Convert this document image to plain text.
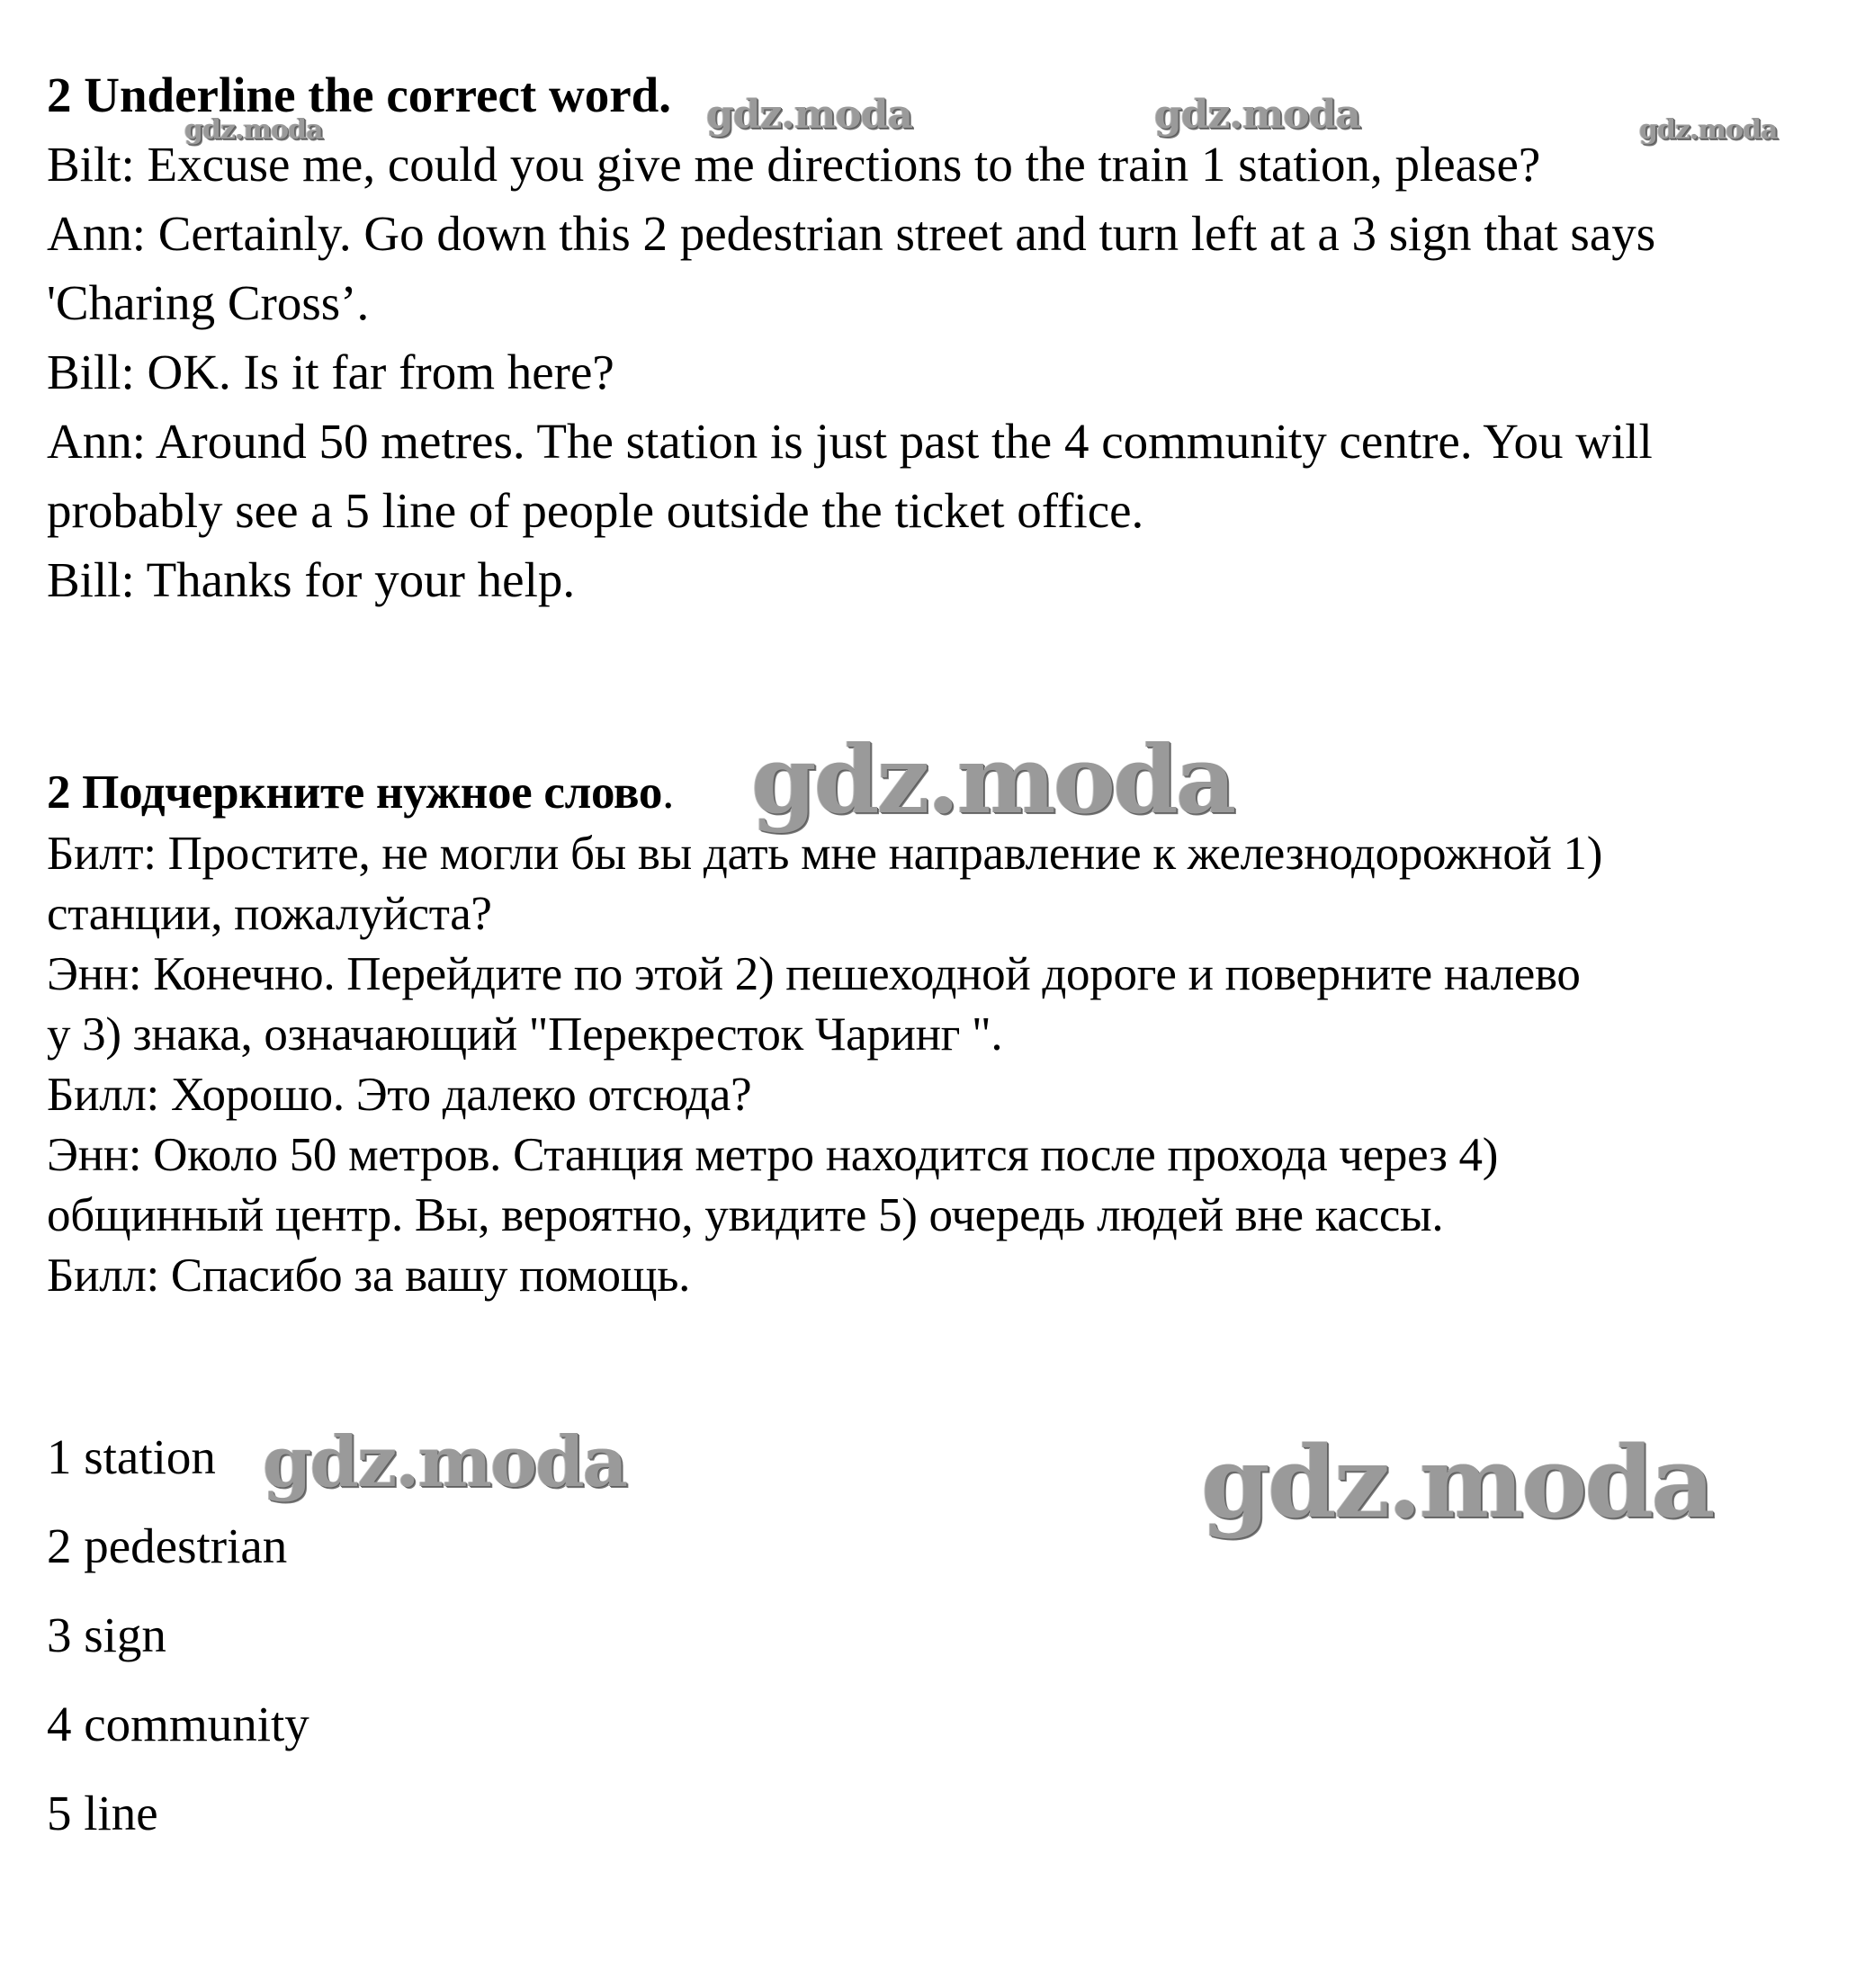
2 Underline the correct word.
Bilt: Excuse me, could you give me directions to the train 1 station, please?
Ann: Certainly. Go down this 2 pedestrian street and turn left at a 3 sign that says
'Charing Cross’.
Bill: OK. Is it far from here?
Ann: Around 50 metres. The station is just past the 4 community centre. You will
probably see a 5 line of people outside the ticket office.
Bill: Thanks for your help.
2 Подчеркните нужное слово.
Билт: Простите, не могли бы вы дать мне направление к железнодорожной 1)
станции, пожалуйста?
Энн: Конечно. Перейдите по этой 2) пешеходной дороге и поверните налево
у 3) знака, означающий "Перекресток Чаринг ".
Билл: Хорошо. Это далеко отсюда?
Энн: Около 50 метров. Станция метро находится после прохода через 4)
общинный центр. Вы, вероятно, увидите 5) очередь людей вне кассы.
Билл: Спасибо за вашу помощь.
1 station
2 pedestrian
3 sign
4 community
5 line
gdz.moda	gdz.moda	gdz.moda	gdz.moda
gdz.moda
gdz.moda	gdz.moda
